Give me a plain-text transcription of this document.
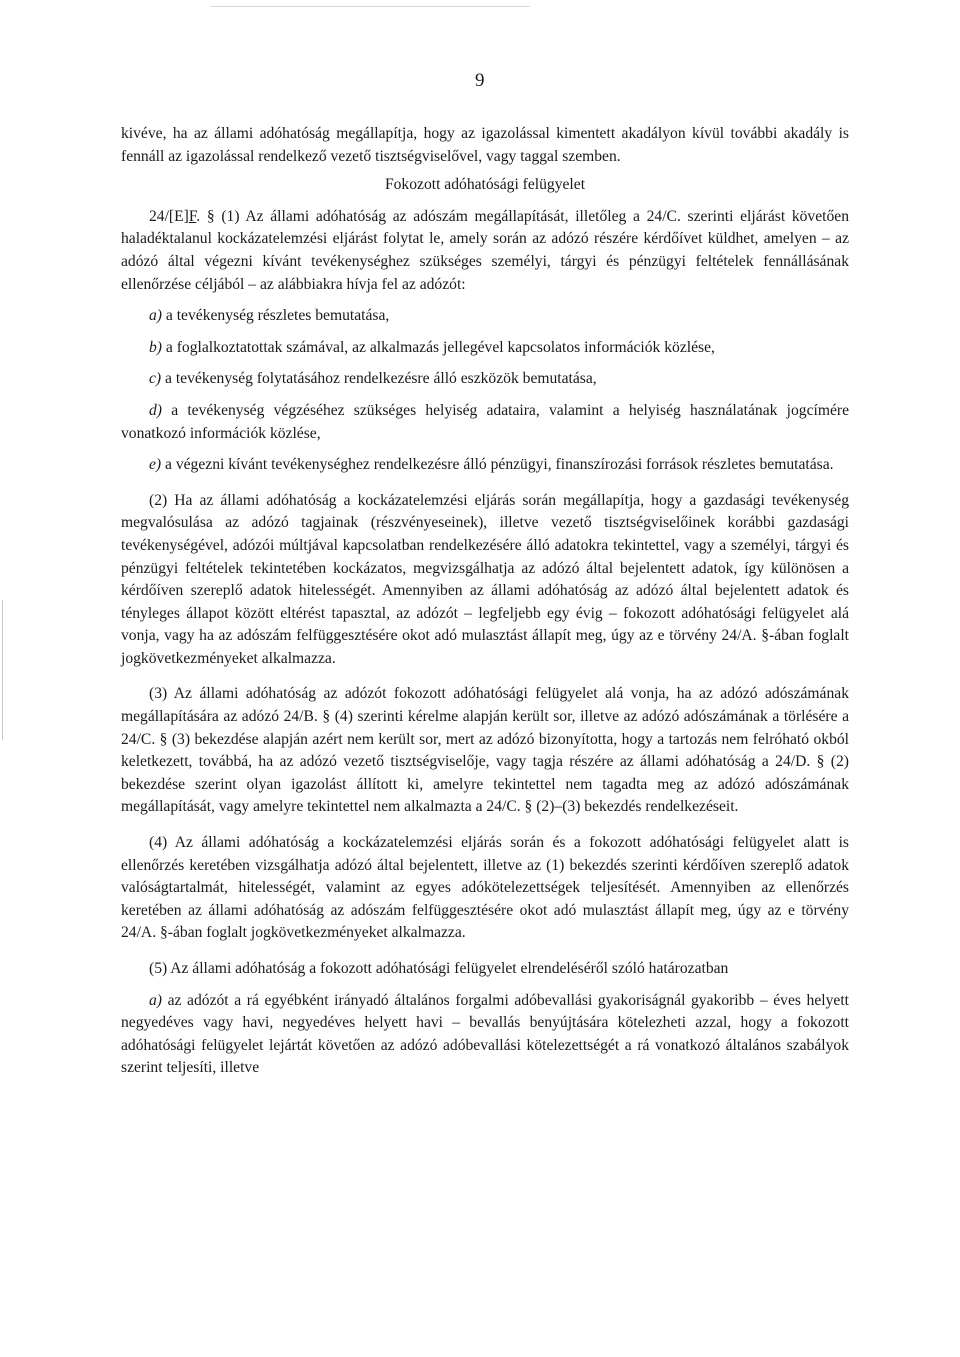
9

kivéve, ha az állami adóhatóság megállapítja, hogy az igazolással kimentett akadályon kívül további akadály is fennáll az igazolással rendelkező vezető tisztségviselővel, vagy taggal szemben.

Fokozott adóhatósági felügyelet

24/[E]F. § (1) Az állami adóhatóság az adószám megállapítását, illetőleg a 24/C. szerinti eljárást követően haladéktalanul kockázatelemzési eljárást folytat le, amely során az adózó részére kérdőívet küldhet, amelyen – az adózó által végezni kívánt tevékenységhez szükséges személyi, tárgyi és pénzügyi feltételek fennállásának ellenőrzése céljából – az alábbiakra hívja fel az adózót:

a) a tevékenység részletes bemutatása,

b) a foglalkoztatottak számával, az alkalmazás jellegével kapcsolatos információk közlése,

c) a tevékenység folytatásához rendelkezésre álló eszközök bemutatása,

d) a tevékenység végzéséhez szükséges helyiség adataira, valamint a helyiség használatának jogcímére vonatkozó információk közlése,

e) a végezni kívánt tevékenységhez rendelkezésre álló pénzügyi, finanszírozási források részletes bemutatása.

(2) Ha az állami adóhatóság a kockázatelemzési eljárás során megállapítja, hogy a gazdasági tevékenység megvalósulása az adózó tagjainak (részvényeseinek), illetve vezető tisztségviselőinek korábbi gazdasági tevékenységével, adózói múltjával kapcsolatban rendelkezésére álló adatokra tekintettel, vagy a személyi, tárgyi és pénzügyi feltételek tekintetében kockázatos, megvizsgálhatja az adózó által bejelentett adatok, így különösen a kérdőíven szereplő adatok hitelességét. Amennyiben az állami adóhatóság az adózó által bejelentett adatok és tényleges állapot között eltérést tapasztal, az adózót – legfeljebb egy évig – fokozott adóhatósági felügyelet alá vonja, vagy ha az adószám felfüggesztésére okot adó mulasztást állapít meg, úgy az e törvény 24/A. §-ában foglalt jogkövetkezményeket alkalmazza.

(3) Az állami adóhatóság az adózót fokozott adóhatósági felügyelet alá vonja, ha az adózó adószámának megállapítására az adózó 24/B. § (4) szerinti kérelme alapján került sor, illetve az adózó adószámának a törlésére a 24/C. § (3) bekezdése alapján azért nem került sor, mert az adózó bizonyította, hogy a tartozás nem felróható okból keletkezett, továbbá, ha az adózó vezető tisztségviselője, vagy tagja részére az állami adóhatóság a 24/D. § (2) bekezdése szerint olyan igazolást állított ki, amelyre tekintettel nem tagadta meg az adózó adószámának megállapítását, vagy amelyre tekintettel nem alkalmazta a 24/C. § (2)–(3) bekezdés rendelkezéseit.

(4) Az állami adóhatóság a kockázatelemzési eljárás során és a fokozott adóhatósági felügyelet alatt is ellenőrzés keretében vizsgálhatja adózó által bejelentett, illetve az (1) bekezdés szerinti kérdőíven szereplő adatok valóságtartalmát, hitelességét, valamint az egyes adókötelezettségek teljesítését. Amennyiben az ellenőrzés keretében az állami adóhatóság az adószám felfüggesztésére okot adó mulasztást állapít meg, úgy az e törvény 24/A. §-ában foglalt jogkövetkezményeket alkalmazza.

(5) Az állami adóhatóság a fokozott adóhatósági felügyelet elrendeléséről szóló határozatban

a) az adózót a rá egyébként irányadó általános forgalmi adóbevallási gyakoriságnál gyakoribb – éves helyett negyedéves vagy havi, negyedéves helyett havi – bevallás benyújtására kötelezheti azzal, hogy a fokozott adóhatósági felügyelet lejártát követően az adózó adóbevallási kötelezettségét a rá vonatkozó általános szabályok szerint teljesíti, illetve
